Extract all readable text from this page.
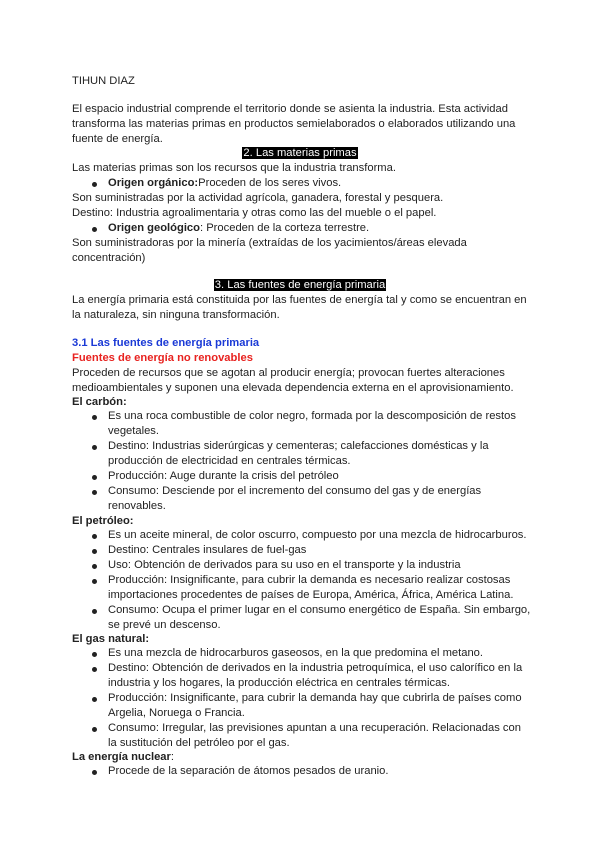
TIHUN DIAZ
El espacio industrial comprende el territorio donde se asienta la industria. Esta actividad
transforma las materias primas en productos semielaborados o elaborados utilizando una
fuente de energía.
2. Las materias primas
Las materias primas son los recursos que la industria transforma.
Origen orgánico:Proceden de los seres vivos.
Son suministradas por la actividad agrícola, ganadera, forestal y pesquera.
Destino: Industria agroalimentaria y otras como las del mueble o el papel.
Origen geológico: Proceden de la corteza terrestre.
Son suministradoras por la minería (extraídas de los yacimientos/áreas elevada
concentración)
3. Las fuentes de energía primaria
La energía primaria está constituida por las fuentes de energía tal y como se encuentran en
la naturaleza, sin ninguna transformación.
3.1 Las fuentes de energía primaria
Fuentes de energía no renovables
Proceden de recursos que se agotan al producir energía; provocan fuertes alteraciones
medioambientales y suponen una elevada dependencia externa en el aprovisionamiento.
El carbón:
Es una roca combustible de color negro, formada por la descomposición de restos
vegetales.
Destino: Industrias siderúrgicas y cementeras; calefacciones domésticas y la
producción de electricidad en centrales térmicas.
Producción: Auge durante la crisis del petróleo
Consumo: Desciende por el incremento del consumo del gas y de energías
renovables.
El petróleo:
Es un aceite mineral, de color oscurro, compuesto por una mezcla de hidrocarburos.
Destino: Centrales insulares de fuel-gas
Uso: Obtención de derivados para su uso en el transporte y la industria
Producción: Insignificante, para cubrir la demanda es necesario realizar costosas
importaciones procedentes de países de Europa, América, África, América Latina.
Consumo: Ocupa el primer lugar en el consumo energético de España. Sin embargo,
se prevé un descenso.
El gas natural:
Es una mezcla de hidrocarburos gaseosos, en la que predomina el metano.
Destino: Obtención de derivados en la industria petroquímica, el uso calorífico en la
industria y los hogares, la producción eléctrica en centrales térmicas.
Producción: Insignificante, para cubrir la demanda hay que cubrirla de países como
Argelia, Noruega o Francia.
Consumo: Irregular, las previsiones apuntan a una recuperación. Relacionadas con
la sustitución del petróleo por el gas.
La energía nuclear:
Procede de la separación de átomos pesados de uranio.
